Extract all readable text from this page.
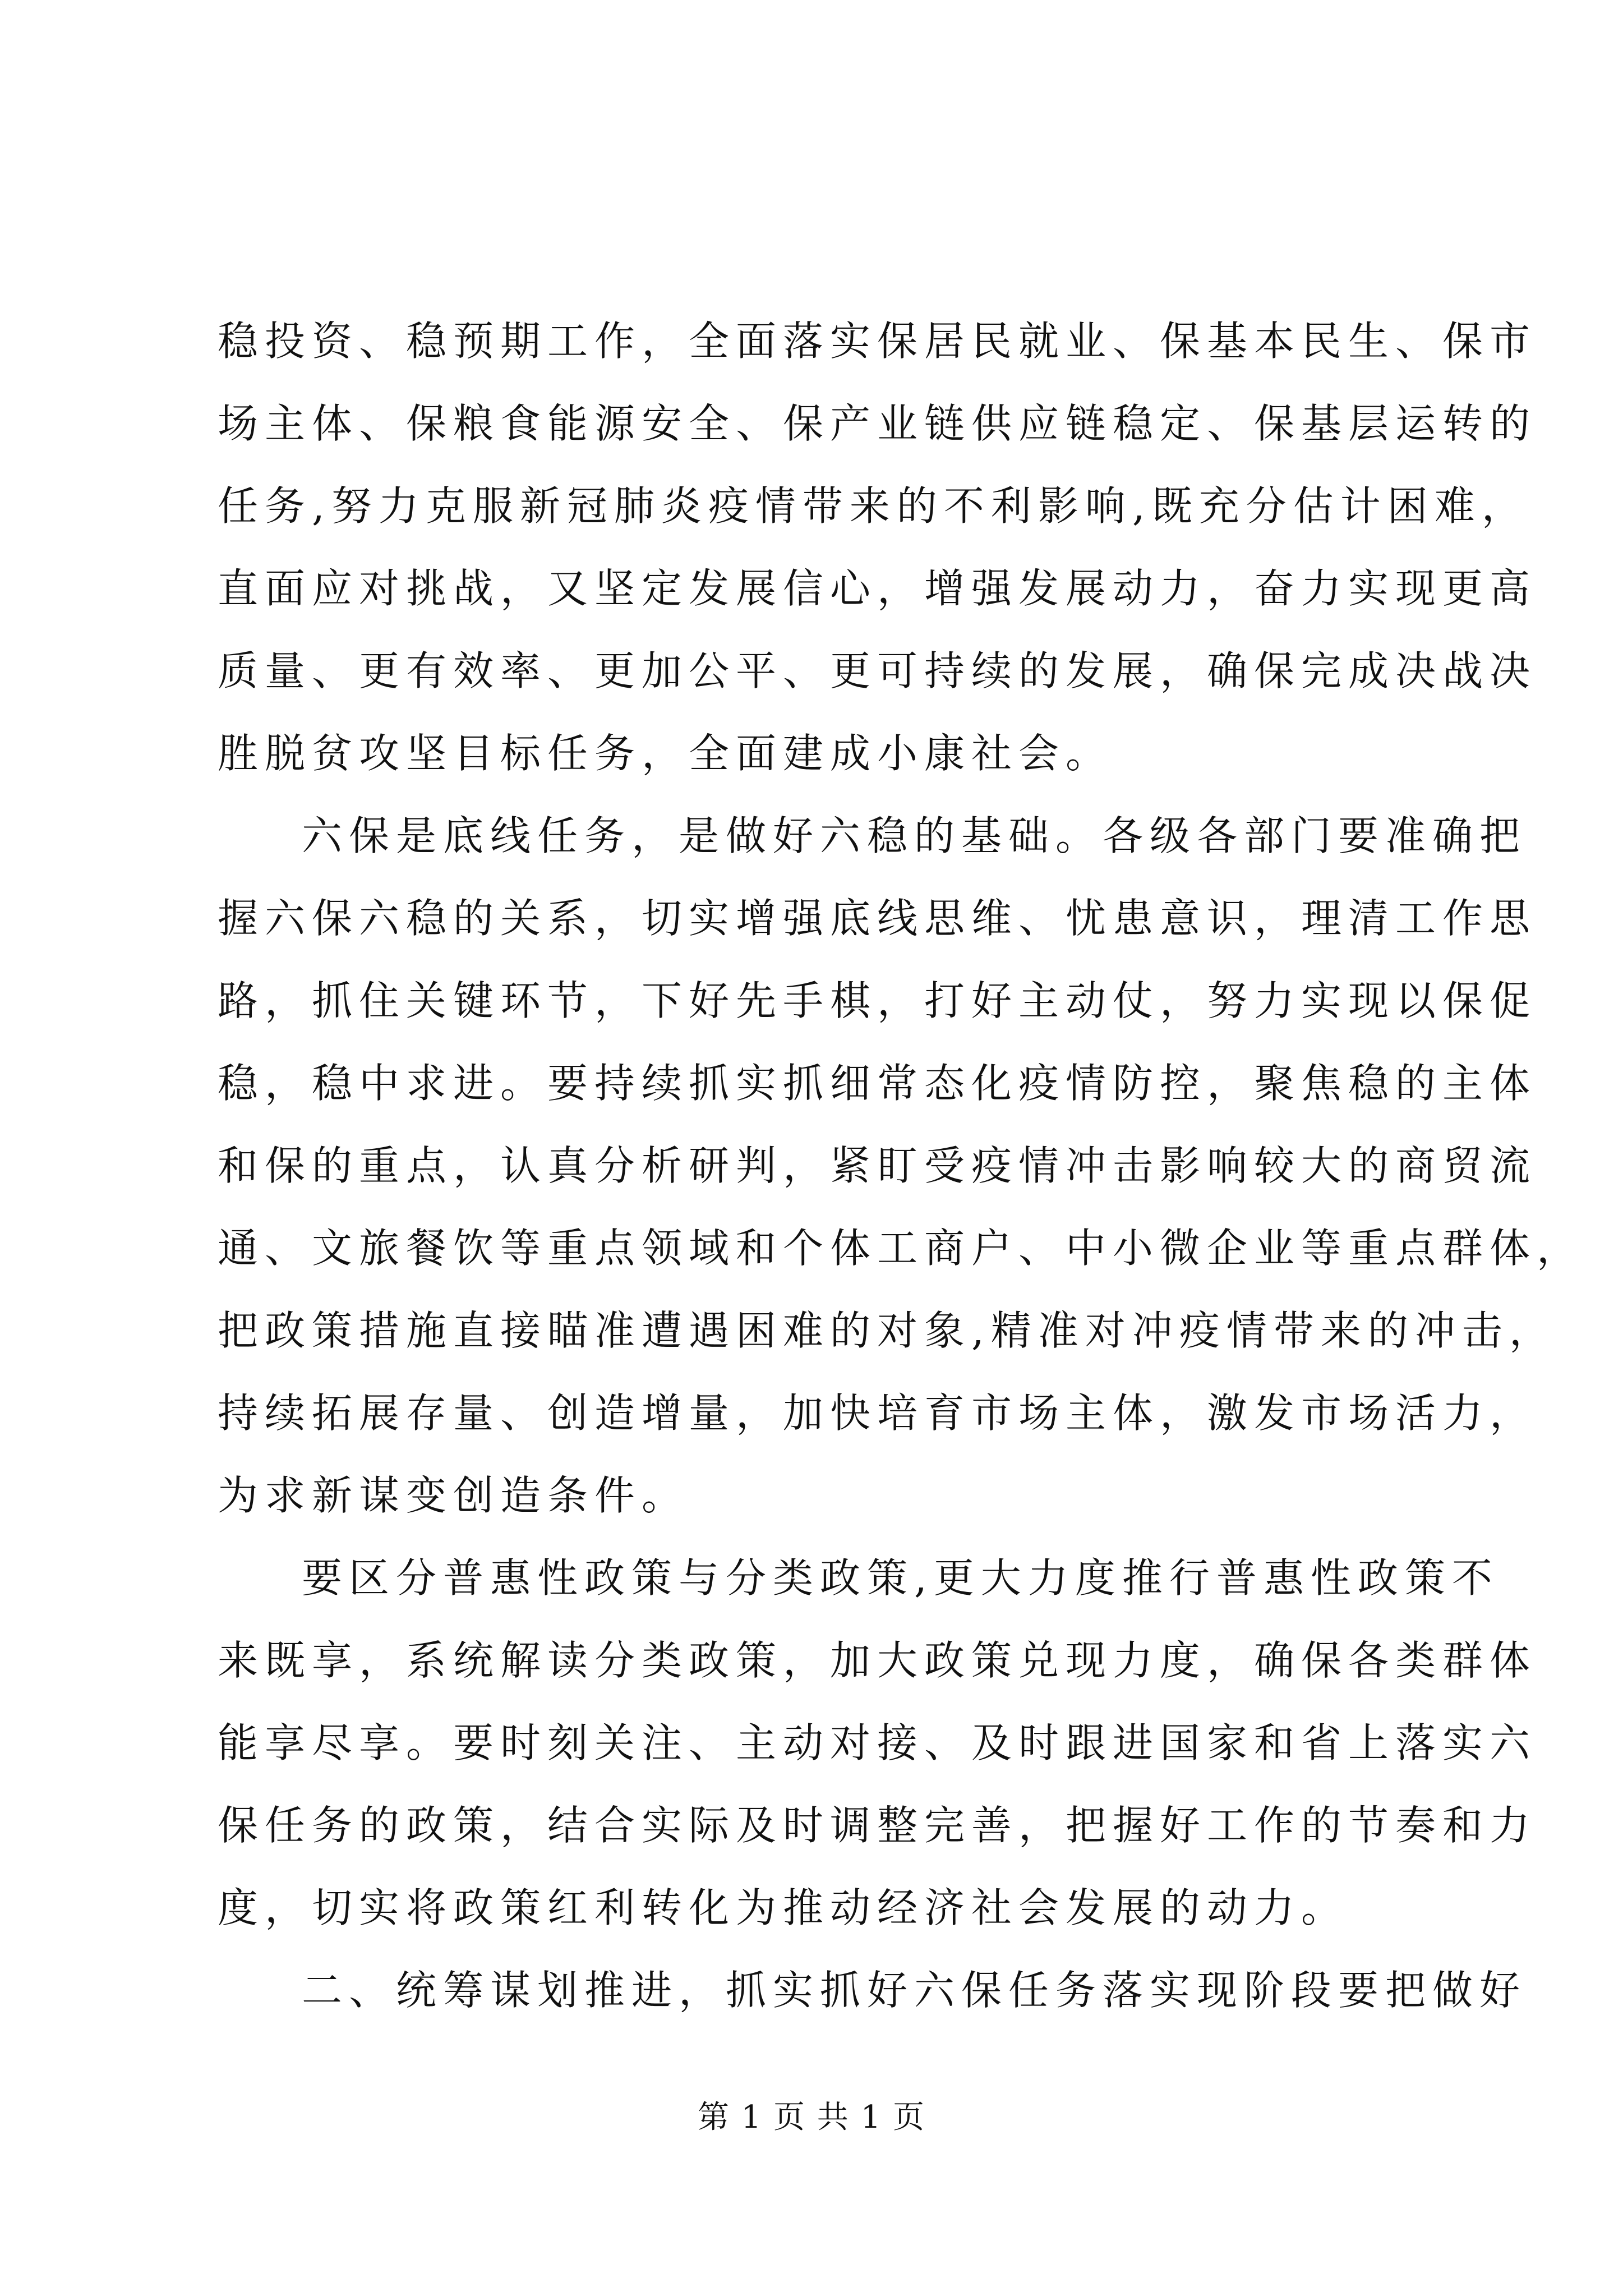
稳投资、稳预期工作，全面落实保居民就业、保基本民生、保市
场主体、保粮食能源安全、保产业链供应链稳定、保基层运转的
任务,努力克服新冠肺炎疫情带来的不利影响,既充分估计困难，
直面应对挑战，又坚定发展信心，增强发展动力，奋力实现更高
质量、更有效率、更加公平、更可持续的发展，确保完成决战决
胜脱贫攻坚目标任务，全面建成小康社会。
六保是底线任务，是做好六稳的基础。各级各部门要准确把
握六保六稳的关系，切实增强底线思维、忧患意识，理清工作思
路，抓住关键环节，下好先手棋，打好主动仗，努力实现以保促
稳，稳中求进。要持续抓实抓细常态化疫情防控，聚焦稳的主体
和保的重点，认真分析研判，紧盯受疫情冲击影响较大的商贸流
通、文旅餐饮等重点领域和个体工商户、中小微企业等重点群体，
把政策措施直接瞄准遭遇困难的对象,精准对冲疫情带来的冲击，
持续拓展存量、创造增量，加快培育市场主体，激发市场活力，
为求新谋变创造条件。
要区分普惠性政策与分类政策,更大力度推行普惠性政策不
来既享，系统解读分类政策，加大政策兑现力度，确保各类群体
能享尽享。要时刻关注、主动对接、及时跟进国家和省上落实六
保任务的政策，结合实际及时调整完善，把握好工作的节奏和力
度，切实将政策红利转化为推动经济社会发展的动力。
二、统筹谋划推进，抓实抓好六保任务落实现阶段要把做好
第 1 页 共 1 页
